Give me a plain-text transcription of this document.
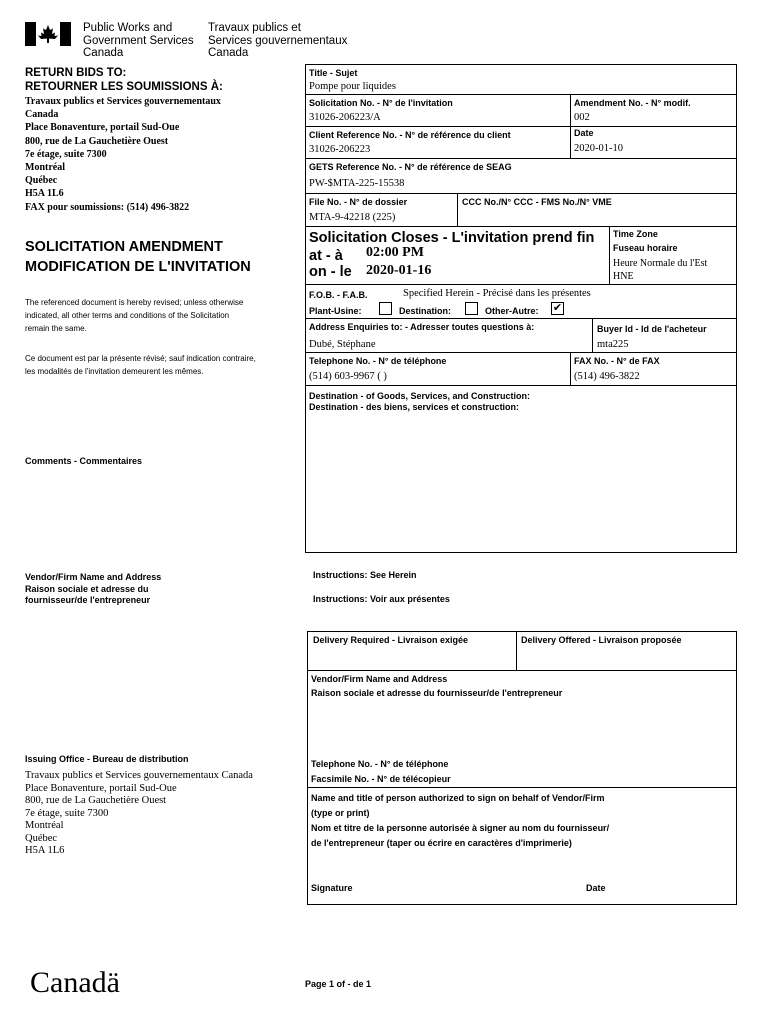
Public Works and
Government Services
Canada
Travaux publics et
Services gouvernementaux
Canada
RETURN BIDS TO:
RETOURNER LES SOUMISSIONS À:
Travaux publics et Services gouvernementaux
Canada
Place Bonaventure, portail Sud-Oue
800, rue de La Gauchetière Ouest
7e étage, suite 7300
Montréal
Québec
H5A 1L6
FAX pour soumissions: (514) 496-3822
SOLICITATION AMENDMENT
MODIFICATION DE L'INVITATION
The referenced document is hereby revised; unless otherwise
indicated, all other terms and conditions of the Solicitation
remain the same.
Ce document est par la présente révisé; sauf indication contraire,
les modalités de l'invitation demeurent les mêmes.
Comments - Commentaires
Vendor/Firm Name and Address
Raison sociale et adresse du
fournisseur/de l'entrepreneur
Issuing Office - Bureau de distribution
Travaux publics et Services gouvernementaux Canada
Place Bonaventure, portail Sud-Oue
800, rue de La Gauchetière Ouest
7e étage, suite 7300
Montréal
Québec
H5A 1L6
Title - Sujet
Pompe pour liquides
Solicitation No. - N° de l'invitation
31026-206223/A
Amendment No. - N° modif.
002
Client Reference No. - N° de référence du client
31026-206223
Date
2020-01-10
GETS Reference No. - N° de référence de SEAG
PW-$MTA-225-15538
File No. - N° de dossier
MTA-9-42218 (225)
CCC No./N° CCC - FMS No./N° VME
Solicitation Closes - L'invitation prend fin
at - à 02:00 PM
on - le 2020-01-16
Time Zone
Fuseau horaire
Heure Normale du l'Est
HNE
F.O.B. - F.A.B.	Specified Herein - Précisé dans les présentes
Plant-Usine:	Destination:	Other-Autre: ✔
Address Enquiries to: - Adresser toutes questions à:
Dubé, Stéphane
Buyer Id - Id de l'acheteur
mta225
Telephone No. - N° de téléphone
(514) 603-9967 ( )
FAX No. - N° de FAX
(514) 496-3822
Destination - of Goods, Services, and Construction:
Destination - des biens, services et construction:
Instructions: See Herein
Instructions: Voir aux présentes
Delivery Required - Livraison exigée	Delivery Offered - Livraison proposée
Vendor/Firm Name and Address
Raison sociale et adresse du fournisseur/de l'entrepreneur
Telephone No. - N° de téléphone
Facsimile No. - N° de télécopieur
Name and title of person authorized to sign on behalf of Vendor/Firm
(type or print)
Nom et titre de la personne autorisée à signer au nom du fournisseur/
de l'entrepreneur (taper ou écrire en caractères d'imprimerie)
Signature	Date
Canadä	Page 1 of - de 1
